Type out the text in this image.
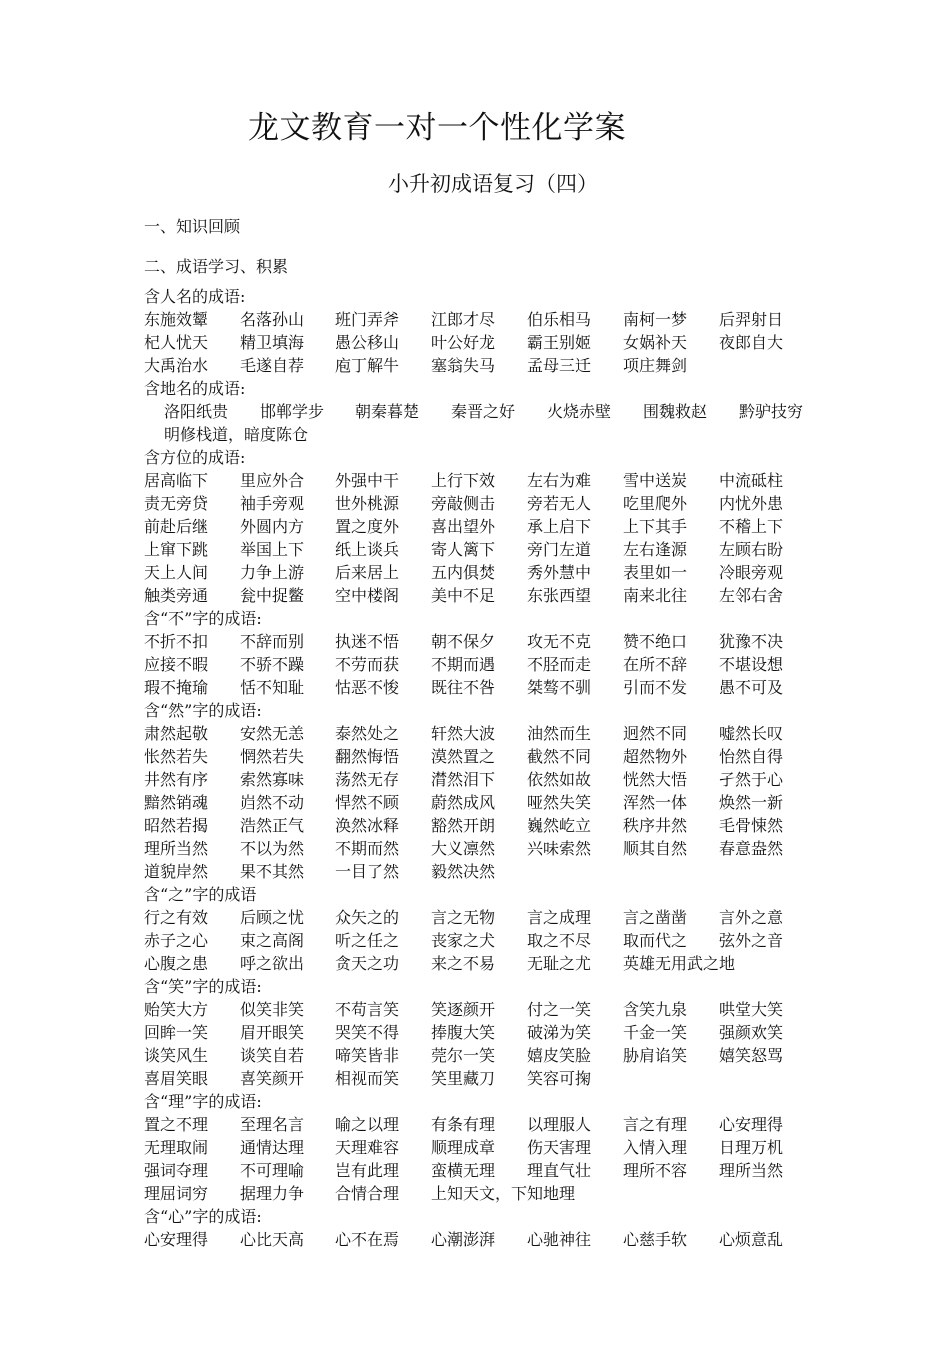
龙文教育一对一个性化学案
小升初成语复习（四）
一、知识回顾
二、成语学习、积累
含人名的成语:
东施效颦 名落孙山 班门弄斧 江郎才尽 伯乐相马 南柯一梦 后羿射日
杞人忧天 精卫填海 愚公移山 叶公好龙 霸王别姬 女娲补天 夜郎自大
大禹治水 毛遂自荐 庖丁解牛 塞翁失马 孟母三迁 项庄舞剑
含地名的成语:
洛阳纸贵 邯郸学步 朝秦暮楚 秦晋之好 火烧赤壁 围魏救赵 黔驴技穷
明修栈道，暗度陈仓
含方位的成语:
居高临下 里应外合 外强中干 上行下效 左右为难 雪中送炭 中流砥柱
责无旁贷 袖手旁观 世外桃源 旁敲侧击 旁若无人 吃里爬外 内忧外患
前赴后继 外圆内方 置之度外 喜出望外 承上启下 上下其手 不稽上下
上窜下跳 举国上下 纸上谈兵 寄人篱下 旁门左道 左右逢源 左顾右盼
天上人间 力争上游 后来居上 五内俱焚 秀外慧中 表里如一 冷眼旁观
触类旁通 瓮中捉鳖 空中楼阁 美中不足 东张西望 南来北往 左邻右舍
含“不”字的成语:
不折不扣 不辞而别 执迷不悟 朝不保夕 攻无不克 赞不绝口 犹豫不决
应接不暇 不骄不躁 不劳而获 不期而遇 不胫而走 在所不辞 不堪设想
瑕不掩瑜 恬不知耻 怙恶不悛 既往不咎 桀骜不驯 引而不发 愚不可及
含“然”字的成语:
肃然起敬 安然无恙 泰然处之 轩然大波 油然而生 迥然不同 嘘然长叹
怅然若失 惘然若失 翻然悔悟 漠然置之 截然不同 超然物外 怡然自得
井然有序 索然寡味 荡然无存 潸然泪下 依然如故 恍然大悟 孑然于心
黯然销魂 岿然不动 悍然不顾 蔚然成风 哑然失笑 浑然一体 焕然一新
昭然若揭 浩然正气 涣然冰释 豁然开朗 巍然屹立 秩序井然 毛骨悚然
理所当然 不以为然 不期而然 大义凛然 兴味索然 顺其自然 春意盎然
道貌岸然 果不其然 一目了然 毅然决然
含“之”字的成语
行之有效 后顾之忧 众矢之的 言之无物 言之成理 言之凿凿 言外之意
赤子之心 束之高阁 听之任之 丧家之犬 取之不尽 取而代之 弦外之音
心腹之患 呼之欲出 贪天之功 来之不易 无耻之尤 英雄无用武之地
含“笑”字的成语:
贻笑大方 似笑非笑 不苟言笑 笑逐颜开 付之一笑 含笑九泉 哄堂大笑
回眸一笑 眉开眼笑 哭笑不得 捧腹大笑 破涕为笑 千金一笑 强颜欢笑
谈笑风生 谈笑自若 啼笑皆非 莞尔一笑 嬉皮笑脸 胁肩谄笑 嬉笑怒骂
喜眉笑眼 喜笑颜开 相视而笑 笑里藏刀 笑容可掬
含“理”字的成语:
置之不理 至理名言 喻之以理 有条有理 以理服人 言之有理 心安理得
无理取闹 通情达理 天理难容 顺理成章 伤天害理 入情入理 日理万机
强词夺理 不可理喻 岂有此理 蛮横无理 理直气壮 理所不容 理所当然
理屈词穷 据理力争 合情合理 上知天文，下知地理
含“心”字的成语:
心安理得 心比天高 心不在焉 心潮澎湃 心驰神往 心慈手软 心烦意乱
